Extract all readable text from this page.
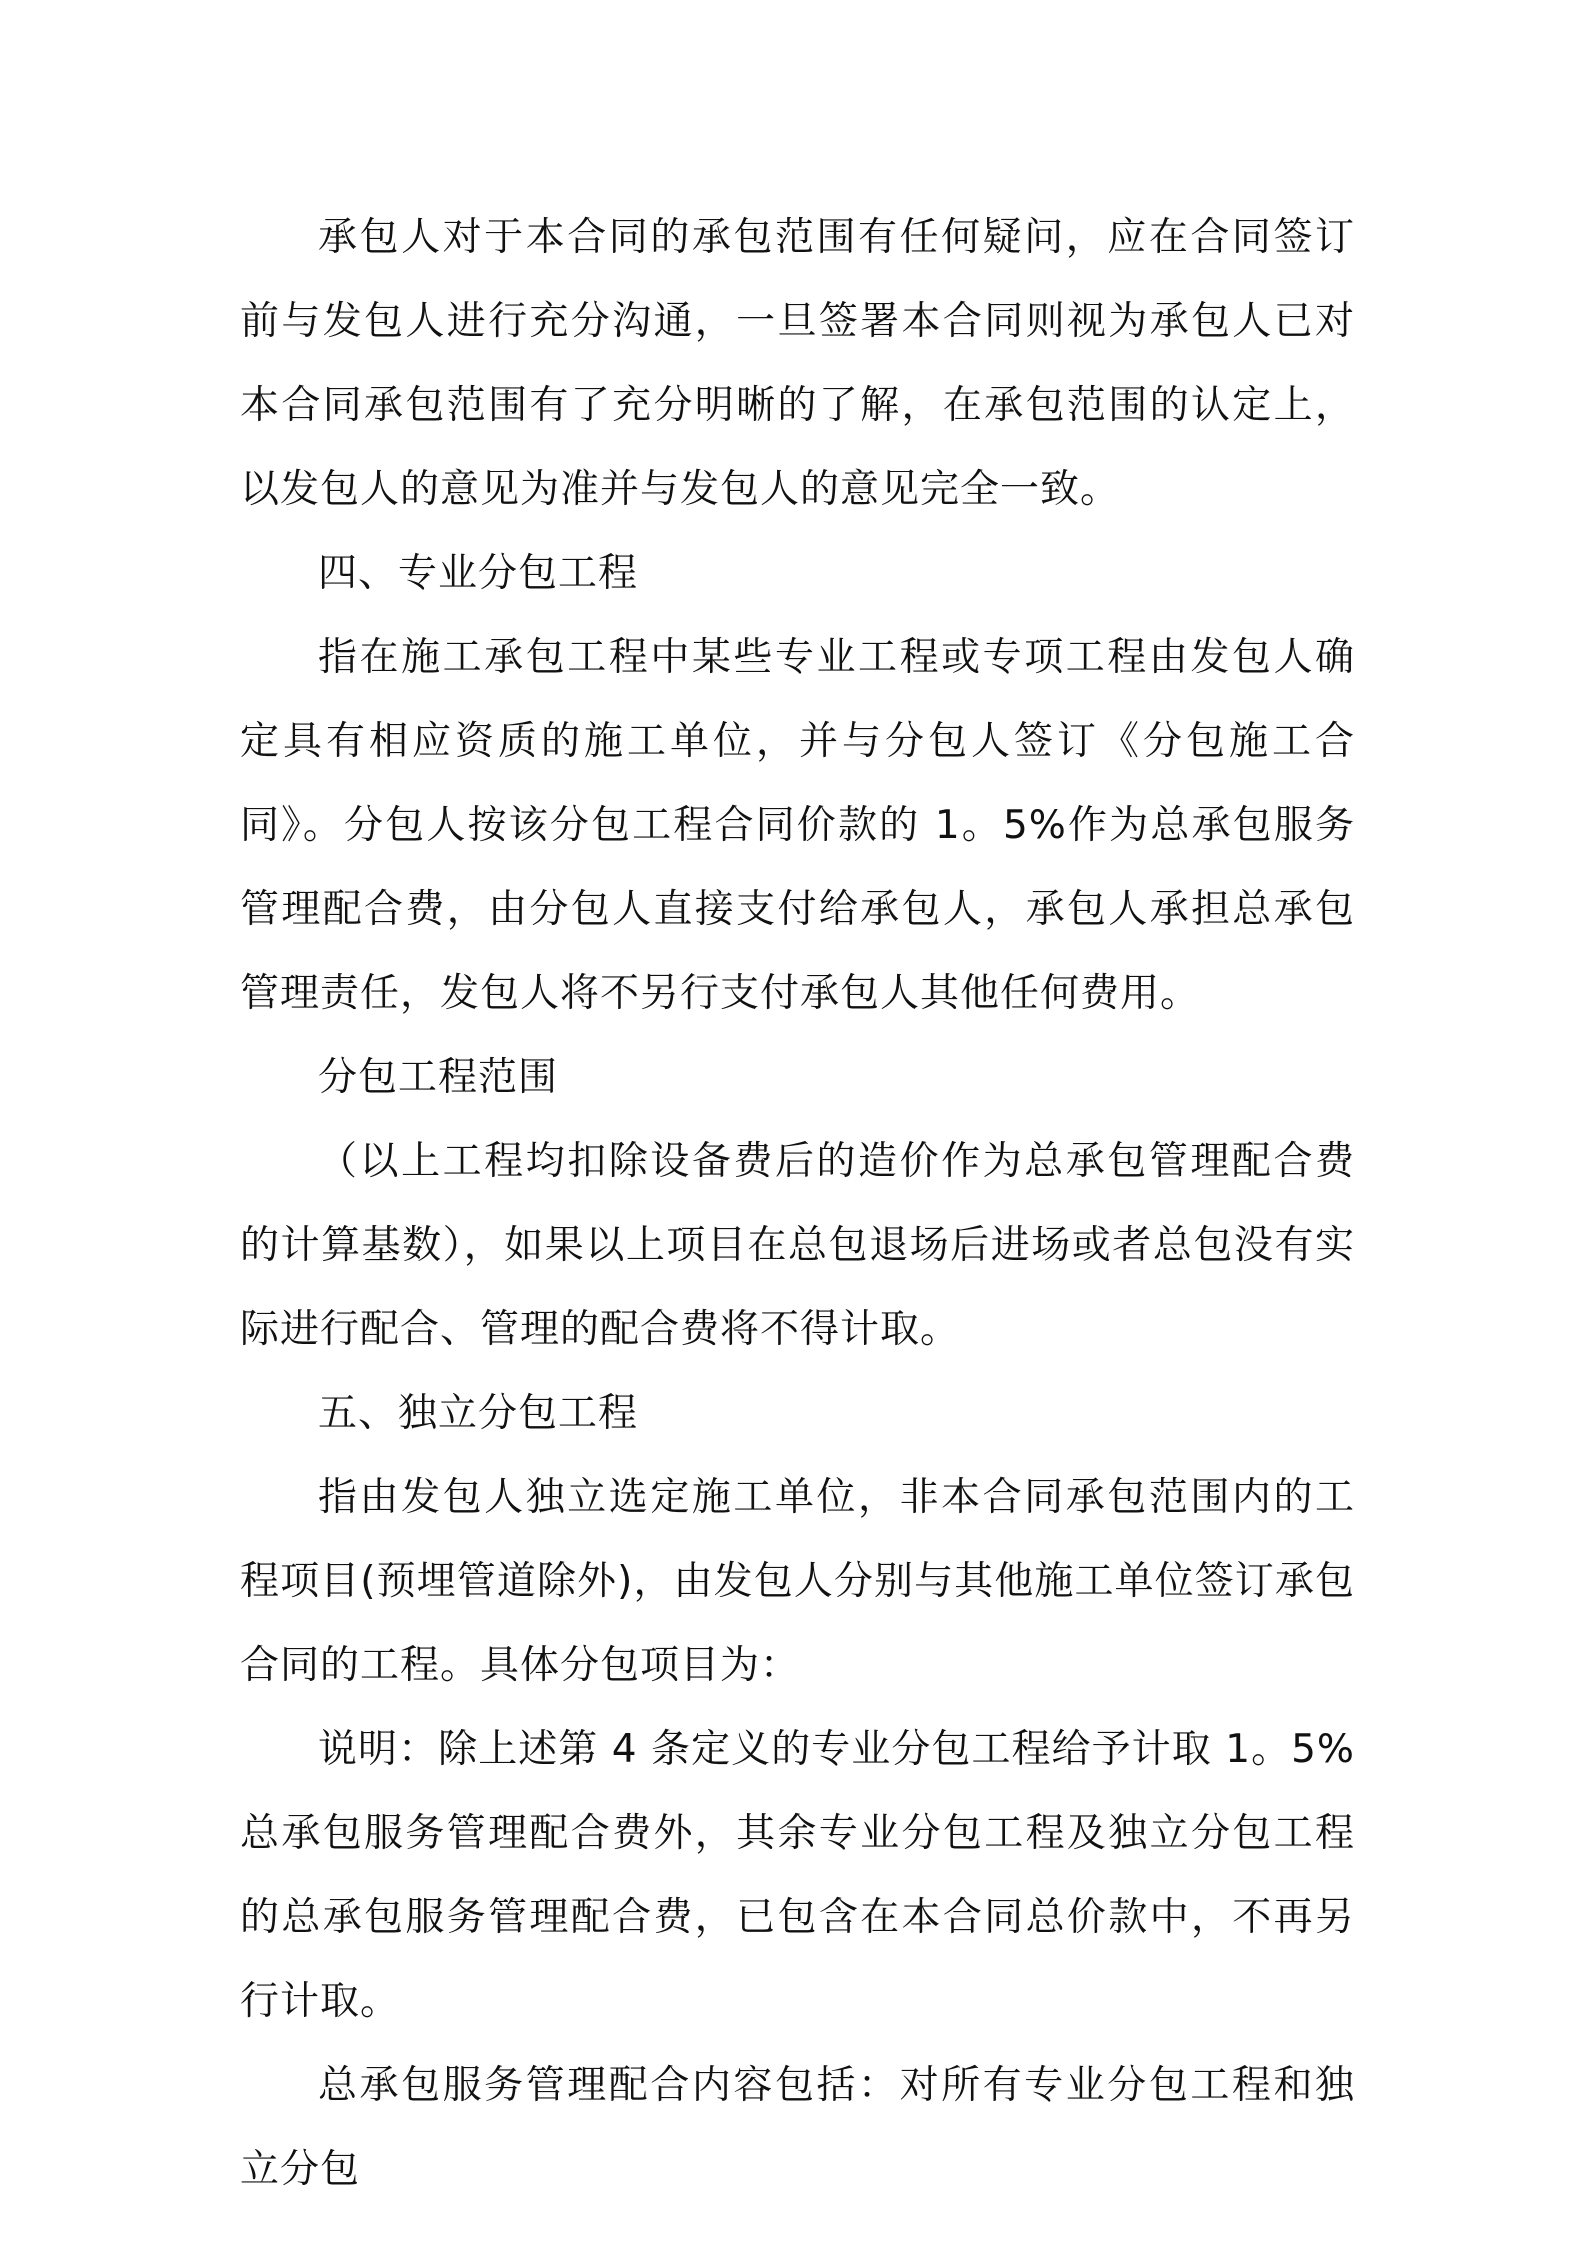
承包人对于本合同的承包范围有任何疑问，应在合同签订前与发包人进行充分沟通，一旦签署本合同则视为承包人已对本合同承包范围有了充分明晰的了解，在承包范围的认定上，以发包人的意见为准并与发包人的意见完全一致。

四、专业分包工程

指在施工承包工程中某些专业工程或专项工程由发包人确定具有相应资质的施工单位，并与分包人签订《分包施工合同》。分包人按该分包工程合同价款的 1。5%作为总承包服务管理配合费，由分包人直接支付给承包人，承包人承担总承包管理责任，发包人将不另行支付承包人其他任何费用。

分包工程范围

（以上工程均扣除设备费后的造价作为总承包管理配合费的计算基数），如果以上项目在总包退场后进场或者总包没有实际进行配合、管理的配合费将不得计取。

五、独立分包工程

指由发包人独立选定施工单位，非本合同承包范围内的工程项目(预埋管道除外)，由发包人分别与其他施工单位签订承包合同的工程。具体分包项目为：

说明：除上述第 4 条定义的专业分包工程给予计取 1。5%总承包服务管理配合费外，其余专业分包工程及独立分包工程的总承包服务管理配合费，已包含在本合同总价款中，不再另行计取。

总承包服务管理配合内容包括：对所有专业分包工程和独立分包
